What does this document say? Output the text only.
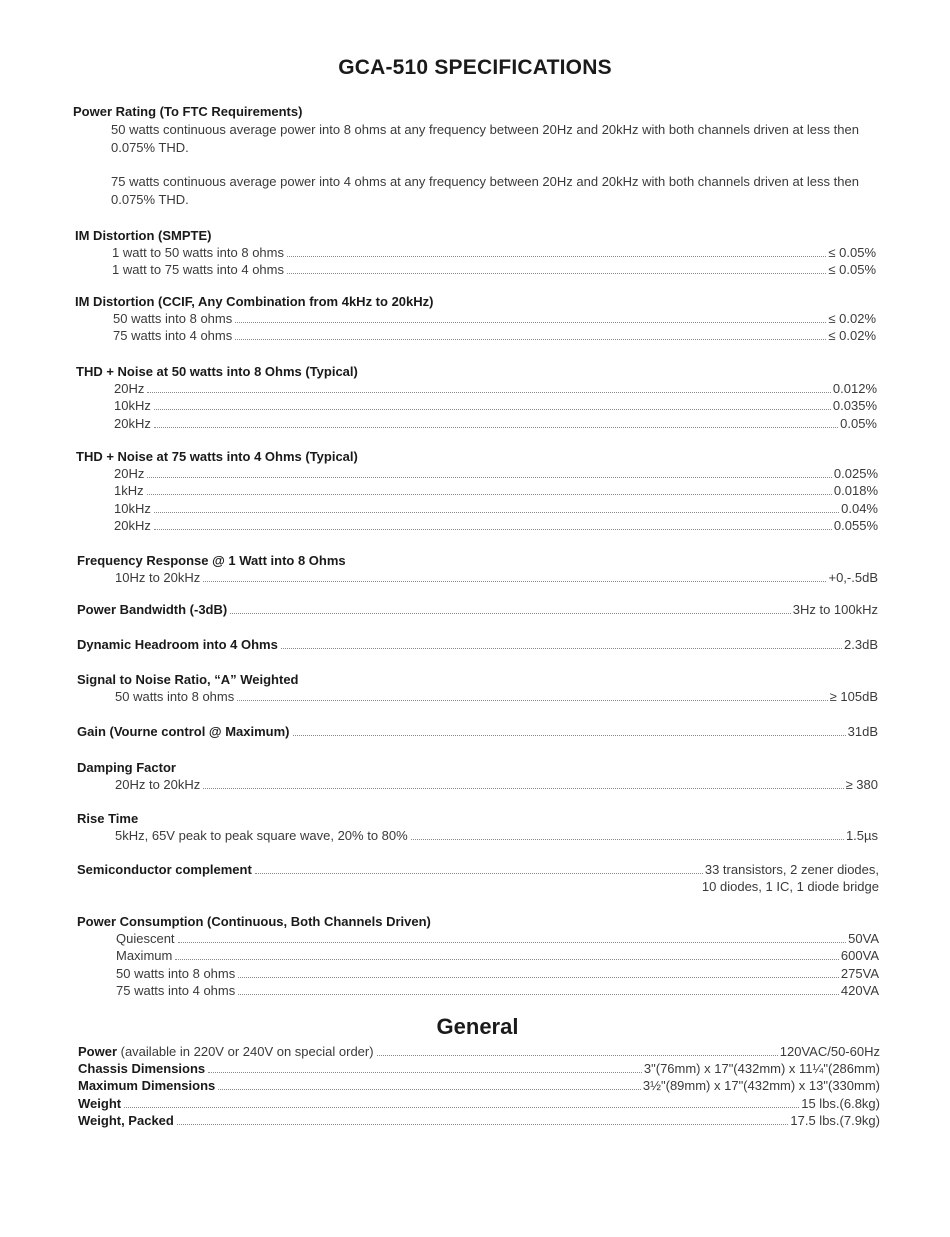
GCA-510 SPECIFICATIONS
Power Rating (To FTC Requirements)
50 watts continuous average power into 8 ohms at any frequency between 20Hz and 20kHz with both channels driven at less then 0.075% THD.
75 watts continuous average power into 4 ohms at any frequency between 20Hz and 20kHz with both channels driven at less then 0.075% THD.
IM Distortion (SMPTE)
1 watt to 50 watts into 8 ohms	≤ 0.05%
1 watt to 75 watts into 4 ohms	≤ 0.05%
IM Distortion (CCIF, Any Combination from 4kHz to 20kHz)
50 watts into 8 ohms	≤ 0.02%
75 watts into 4 ohms	≤ 0.02%
THD + Noise at 50 watts into 8 Ohms (Typical)
20Hz	0.012%
10kHz	0.035%
20kHz	0.05%
THD + Noise at 75 watts into 4 Ohms (Typical)
20Hz	0.025%
1kHz	0.018%
10kHz	0.04%
20kHz	0.055%
Frequency Response @ 1 Watt into 8 Ohms
10Hz to 20kHz	+0,-.5dB
Power Bandwidth (-3dB)	3Hz to 100kHz
Dynamic Headroom into 4 Ohms	2.3dB
Signal to Noise Ratio, “A” Weighted
50 watts into 8 ohms	≥ 105dB
Gain (Vourne control @ Maximum)	31dB
Damping Factor
20Hz to 20kHz	≥ 380
Rise Time
5kHz, 65V peak to peak square wave, 20% to 80%	1.5µs
Semiconductor complement	33 transistors, 2 zener diodes,
10 diodes, 1 IC, 1 diode bridge
Power Consumption (Continuous, Both Channels Driven)
Quiescent	50VA
Maximum	600VA
50 watts into 8 ohms	275VA
75 watts into 4 ohms	420VA
General
Power (available in 220V or 240V on special order)	120VAC/50-60Hz
Chassis Dimensions	3"(76mm) x 17"(432mm) x 11¼"(286mm)
Maximum Dimensions	3½"(89mm) x 17"(432mm) x 13"(330mm)
Weight	15 lbs.(6.8kg)
Weight, Packed	17.5 lbs.(7.9kg)
